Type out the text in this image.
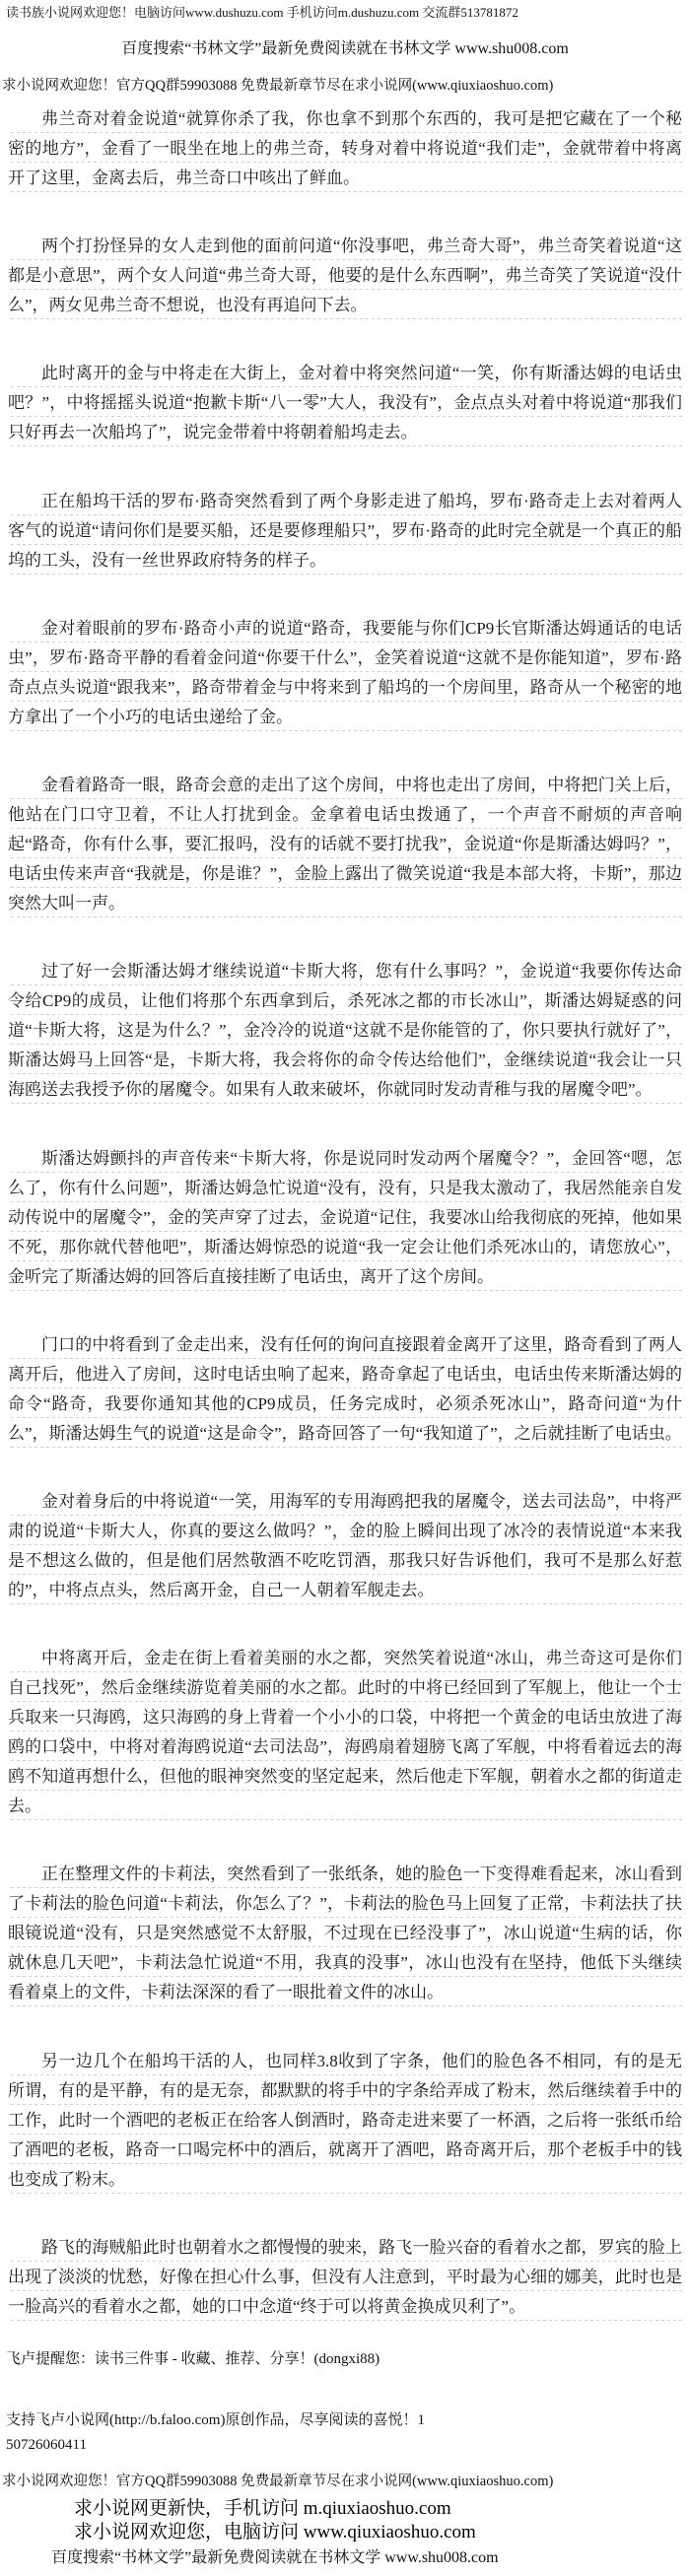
读书族小说网欢迎您！电脑访问www.dushuzu.com 手机访问m.dushuzu.com 交流群513781872
百度搜索“书林文学”最新免费阅读就在书林文学 www.shu008.com
求小说网欢迎您！官方QQ群59903088 免费最新章节尽在求小说网(www.qiuxiaoshuo.com)

弗兰奇对着金说道“就算你杀了我，你也拿不到那个东西的，我可是把它藏在了一个秘密的地方”，金看了一眼坐在地上的弗兰奇，转身对着中将说道“我们走”，金就带着中将离开了这里，金离去后，弗兰奇口中咳出了鲜血。

两个打扮怪异的女人走到他的面前问道“你没事吧，弗兰奇大哥”，弗兰奇笑着说道“这都是小意思”，两个女人问道“弗兰奇大哥，他要的是什么东西啊”，弗兰奇笑了笑说道“没什么”，两女见弗兰奇不想说，也没有再追问下去。

此时离开的金与中将走在大街上，金对着中将突然问道“一笑，你有斯潘达姆的电话虫吧？”，中将摇摇头说道“抱歉卡斯“八一零”大人，我没有”，金点点头对着中将说道“那我们只好再去一次船坞了”，说完金带着中将朝着船坞走去。

正在船坞干活的罗布·路奇突然看到了两个身影走进了船坞，罗布·路奇走上去对着两人客气的说道“请问你们是要买船，还是要修理船只”，罗布·路奇的此时完全就是一个真正的船坞的工头，没有一丝世界政府特务的样子。

金对着眼前的罗布·路奇小声的说道“路奇，我要能与你们CP9长官斯潘达姆通话的电话虫”，罗布·路奇平静的看着金问道“你要干什么”，金笑着说道“这就不是你能知道”，罗布·路奇点点头说道“跟我来”，路奇带着金与中将来到了船坞的一个房间里，路奇从一个秘密的地方拿出了一个小巧的电话虫递给了金。

金看着路奇一眼，路奇会意的走出了这个房间，中将也走出了房间，中将把门关上后，他站在门口守卫着，不让人打扰到金。金拿着电话虫拨通了，一个声音不耐烦的声音响起“路奇，你有什么事，要汇报吗，没有的话就不要打扰我”，金说道“你是斯潘达姆吗？”，电话虫传来声音“我就是，你是谁？”，金脸上露出了微笑说道“我是本部大将，卡斯”，那边突然大叫一声。

过了好一会斯潘达姆才继续说道“卡斯大将，您有什么事吗？”，金说道“我要你传达命令给CP9的成员，让他们将那个东西拿到后，杀死冰之都的市长冰山”，斯潘达姆疑惑的问道“卡斯大将，这是为什么？”，金冷冷的说道“这就不是你能管的了，你只要执行就好了”，斯潘达姆马上回答“是，卡斯大将，我会将你的命令传达给他们”，金继续说道“我会让一只海鸥送去我授予你的屠魔令。如果有人敢来破坏，你就同时发动青稚与我的屠魔令吧”。

斯潘达姆颤抖的声音传来“卡斯大将，你是说同时发动两个屠魔令？”，金回答“嗯，怎么了，你有什么问题”，斯潘达姆急忙说道“没有，没有，只是我太激动了，我居然能亲自发动传说中的屠魔令”，金的笑声穿了过去，金说道“记住，我要冰山给我彻底的死掉，他如果不死，那你就代替他吧”，斯潘达姆惊恐的说道“我一定会让他们杀死冰山的，请您放心”，金听完了斯潘达姆的回答后直接挂断了电话虫，离开了这个房间。

门口的中将看到了金走出来，没有任何的询问直接跟着金离开了这里，路奇看到了两人离开后，他进入了房间，这时电话虫响了起来，路奇拿起了电话虫，电话虫传来斯潘达姆的命令“路奇，我要你通知其他的CP9成员，任务完成时，必须杀死冰山”，路奇问道“为什么”，斯潘达姆生气的说道“这是命令”，路奇回答了一句“我知道了”，之后就挂断了电话虫。

金对着身后的中将说道“一笑，用海军的专用海鸥把我的屠魔令，送去司法岛”，中将严肃的说道“卡斯大人，你真的要这么做吗？”，金的脸上瞬间出现了冰冷的表情说道“本来我是不想这么做的，但是他们居然敬酒不吃吃罚酒，那我只好告诉他们，我可不是那么好惹的”，中将点点头，然后离开金，自己一人朝着军舰走去。

中将离开后，金走在街上看着美丽的水之都，突然笑着说道“冰山，弗兰奇这可是你们自己找死”，然后金继续游览着美丽的水之都。此时的中将已经回到了军舰上，他让一个士兵取来一只海鸥，这只海鸥的身上背着一个小小的口袋，中将把一个黄金的电话虫放进了海鸥的口袋中，中将对着海鸥说道“去司法岛”，海鸥扇着翅膀飞离了军舰，中将看着远去的海鸥不知道再想什么，但他的眼神突然变的坚定起来，然后他走下军舰，朝着水之都的街道走去。

正在整理文件的卡莉法，突然看到了一张纸条，她的脸色一下变得难看起来，冰山看到了卡莉法的脸色问道“卡莉法，你怎么了？”，卡莉法的脸色马上回复了正常，卡莉法扶了扶眼镜说道“没有，只是突然感觉不太舒服，不过现在已经没事了”，冰山说道“生病的话，你就休息几天吧”，卡莉法急忙说道“不用，我真的没事”，冰山也没有在坚持，他低下头继续看着桌上的文件，卡莉法深深的看了一眼批着文件的冰山。

另一边几个在船坞干活的人，也同样3.8收到了字条，他们的脸色各不相同，有的是无所谓，有的是平静，有的是无奈，都默默的将手中的字条给弄成了粉末，然后继续着手中的工作，此时一个酒吧的老板正在给客人倒酒时，路奇走进来要了一杯酒，之后将一张纸币给了酒吧的老板，路奇一口喝完杯中的酒后，就离开了酒吧，路奇离开后，那个老板手中的钱也变成了粉末。

路飞的海贼船此时也朝着水之都慢慢的驶来，路飞一脸兴奋的看着水之都，罗宾的脸上出现了淡淡的忧愁，好像在担心什么事，但没有人注意到，平时最为心细的娜美，此时也是一脸高兴的看着水之都，她的口中念道“终于可以将黄金换成贝利了”。

飞卢提醒您：读书三件事 - 收藏、推荐、分享！(dongxi88)
支持飞卢小说网(http://b.faloo.com)原创作品，尽享阅读的喜悦！1
50726060411
求小说网欢迎您！官方QQ群59903088 免费最新章节尽在求小说网(www.qiuxiaoshuo.com)
求小说网更新快，手机访问 m.qiuxiaoshuo.com
求小说网欢迎您，电脑访问 www.qiuxiaoshuo.com
百度搜索“书林文学”最新免费阅读就在书林文学 www.shu008.com
